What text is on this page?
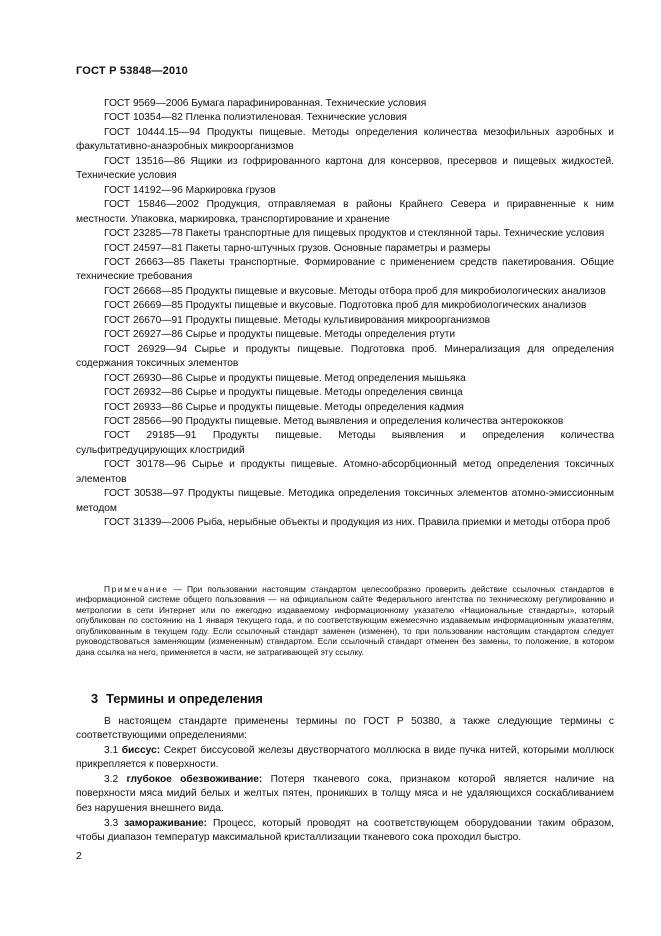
ГОСТ Р 53848—2010

ГОСТ 9569—2006 Бумага парафинированная. Технические условия

ГОСТ 10354—82 Пленка полиэтиленовая. Технические условия

ГОСТ 10444.15—94 Продукты пищевые. Методы определения количества мезофильных аэробных и факультативно-анаэробных микроорганизмов

ГОСТ 13516—86 Ящики из гофрированного картона для консервов, пресервов и пищевых жидкостей. Технические условия

ГОСТ 14192—96 Маркировка грузов

ГОСТ 15846—2002 Продукция, отправляемая в районы Крайнего Севера и приравненные к ним местности. Упаковка, маркировка, транспортирование и хранение

ГОСТ 23285—78 Пакеты транспортные для пищевых продуктов и стеклянной тары. Технические условия

ГОСТ 24597—81 Пакеты тарно-штучных грузов. Основные параметры и размеры

ГОСТ 26663—85 Пакеты транспортные. Формирование с применением средств пакетирования. Общие технические требования

ГОСТ 26668—85 Продукты пищевые и вкусовые. Методы отбора проб для микробиологических анализов

ГОСТ 26669—85 Продукты пищевые и вкусовые. Подготовка проб для микробиологических анализов

ГОСТ 26670—91 Продукты пищевые. Методы культивирования микроорганизмов

ГОСТ 26927—86 Сырье и продукты пищевые. Методы определения ртути

ГОСТ 26929—94 Сырье и продукты пищевые. Подготовка проб. Минерализация для определения содержания токсичных элементов

ГОСТ 26930—86 Сырье и продукты пищевые. Метод определения мышьяка

ГОСТ 26932—86 Сырье и продукты пищевые. Методы определения свинца

ГОСТ 26933—86 Сырье и продукты пищевые. Методы определения кадмия

ГОСТ 28566—90 Продукты пищевые. Метод выявления и определения количества энтерококков

ГОСТ 29185—91 Продукты пищевые. Методы выявления и определения количества сульфитредуцирующих клостридий

ГОСТ 30178—96 Сырье и продукты пищевые. Атомно-абсорбционный метод определения токсичных элементов

ГОСТ 30538—97 Продукты пищевые. Методика определения токсичных элементов атомно-эмиссионным методом

ГОСТ 31339—2006 Рыба, нерыбные объекты и продукция из них. Правила приемки и методы отбора проб

Примечание — При пользовании настоящим стандартом целесообразно проверить действие ссылочных стандартов в информационной системе общего пользования — на официальном сайте Федерального агентства по техническому регулированию и метрологии в сети Интернет или по ежегодно издаваемому информационному указателю «Национальные стандарты», который опубликован по состоянию на 1 января текущего года, и по соответствующим ежемесячно издаваемым информационным указателям, опубликованным в текущем году. Если ссылочный стандарт заменен (изменен), то при пользовании настоящим стандартом следует руководствоваться заменяющим (измененным) стандартом. Если ссылочный стандарт отменен без замены, то положение, в котором дана ссылка на него, применяется в части, не затрагивающей эту ссылку.

3 Термины и определения

В настоящем стандарте применены термины по ГОСТ Р 50380, а также следующие термины с соответствующими определениями:

3.1 биссус: Секрет биссусовой железы двустворчатого моллюска в виде пучка нитей, которыми моллюск прикрепляется к поверхности.

3.2 глубокое обезвоживание: Потеря тканевого сока, признаком которой является наличие на поверхности мяса мидий белых и желтых пятен, проникших в толщу мяса и не удаляющихся соскабливанием без нарушения внешнего вида.

3.3 замораживание: Процесс, который проводят на соответствующем оборудовании таким образом, чтобы диапазон температур максимальной кристаллизации тканевого сока проходил быстро.

2
